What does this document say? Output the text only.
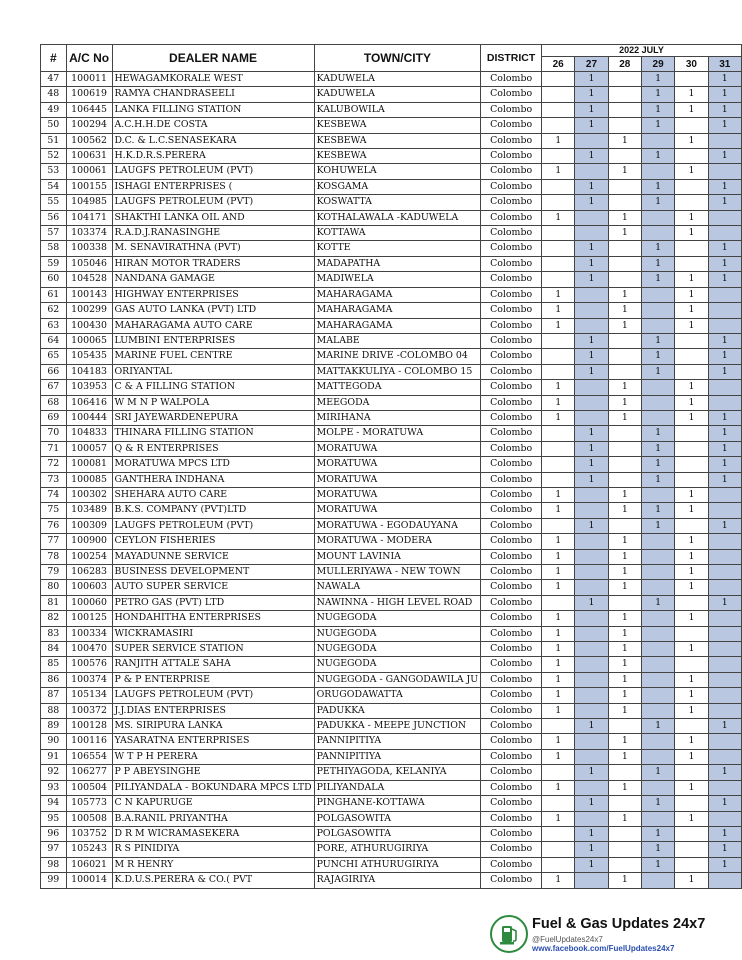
#	A/C No	DEALER NAME	TOWN/CITY	DISTRICT	2022 JULY					
					26	27	28	29	30	31
47	100011	HEWAGAMKORALE WEST	KADUWELA	Colombo		1		1		1
48	100619	RAMYA CHANDRASEELI	KADUWELA	Colombo		1		1	1	1
49	106445	LANKA FILLING STATION	KALUBOWILA	Colombo		1		1	1	1
50	100294	A.C.H.H.DE COSTA	KESBEWA	Colombo		1		1		1
51	100562	D.C. & L.C.SENASEKARA	KESBEWA	Colombo	1		1		1	
52	100631	H.K.D.R.S.PERERA	KESBEWA	Colombo		1		1		1
53	100061	LAUGFS PETROLEUM (PVT)	KOHUWELA	Colombo	1		1		1	
54	100155	ISHAGI ENTERPRISES (	KOSGAMA	Colombo		1		1		1
55	104985	LAUGFS PETROLEUM (PVT)	KOSWATTA	Colombo		1		1		1
56	104171	SHAKTHI LANKA OIL AND	KOTHALAWALA -KADUWELA	Colombo	1		1		1	
57	103374	R.A.D.J.RANASINGHE	KOTTAWA	Colombo			1		1	
58	100338	M. SENAVIRATHNA (PVT)	KOTTE	Colombo		1		1		1
59	105046	HIRAN MOTOR TRADERS	MADAPATHA	Colombo		1		1		1
60	104528	NANDANA GAMAGE	MADIWELA	Colombo		1		1	1	1
61	100143	HIGHWAY ENTERPRISES	MAHARAGAMA	Colombo	1		1		1	
62	100299	GAS AUTO LANKA (PVT) LTD	MAHARAGAMA	Colombo	1		1		1	
63	100430	MAHARAGAMA AUTO CARE	MAHARAGAMA	Colombo	1		1		1	
64	100065	LUMBINI ENTERPRISES	MALABE	Colombo		1		1		1
65	105435	MARINE FUEL CENTRE	MARINE DRIVE -COLOMBO 04	Colombo		1		1		1
66	104183	ORIYANTAL	MATTAKKULIYA - COLOMBO 15	Colombo		1		1		1
67	103953	C & A FILLING STATION	MATTEGODA	Colombo	1		1		1	
68	106416	W M N P WALPOLA	MEEGODA	Colombo	1		1		1	
69	100444	SRI JAYEWARDENEPURA	MIRIHANA	Colombo	1		1		1	1
70	104833	THINARA FILLING STATION	MOLPE - MORATUWA	Colombo		1		1		1
71	100057	Q & R ENTERPRISES	MORATUWA	Colombo		1		1		1
72	100081	MORATUWA MPCS LTD	MORATUWA	Colombo		1		1		1
73	100085	GANTHERA INDHANA	MORATUWA	Colombo		1		1		1
74	100302	SHEHARA AUTO CARE	MORATUWA	Colombo	1		1		1	
75	103489	B.K.S. COMPANY (PVT)LTD	MORATUWA	Colombo	1		1	1	1	
76	100309	LAUGFS PETROLEUM (PVT)	MORATUWA - EGODAUYANA	Colombo		1		1		1
77	100900	CEYLON FISHERIES	MORATUWA - MODERA	Colombo	1		1		1	
78	100254	MAYADUNNE SERVICE	MOUNT LAVINIA	Colombo	1		1		1	
79	106283	BUSINESS DEVELOPMENT	MULLERIYAWA - NEW TOWN	Colombo	1		1		1	
80	100603	AUTO SUPER SERVICE	NAWALA	Colombo	1		1		1	
81	100060	PETRO GAS (PVT) LTD	NAWINNA - HIGH LEVEL ROAD	Colombo		1		1		1
82	100125	HONDAHITHA ENTERPRISES	NUGEGODA	Colombo	1		1		1	
83	100334	WICKRAMASIRI	NUGEGODA	Colombo	1		1			
84	100470	SUPER SERVICE STATION	NUGEGODA	Colombo	1		1		1	
85	100576	RANJITH ATTALE SAHA	NUGEGODA	Colombo	1		1			
86	100374	P & P ENTERPRISE	NUGEGODA - GANGODAWILA JU	Colombo	1		1		1	
87	105134	LAUGFS PETROLEUM (PVT)	ORUGODAWATTA	Colombo	1		1		1	
88	100372	J.J.DIAS ENTERPRISES	PADUKKA	Colombo	1		1		1	
89	100128	MS. SIRIPURA LANKA	PADUKKA - MEEPE JUNCTION	Colombo		1		1		1
90	100116	YASARATNA ENTERPRISES	PANNIPITIYA	Colombo	1		1		1	
91	106554	W T P H PERERA	PANNIPITIYA	Colombo	1		1		1	
92	106277	P P ABEYSINGHE	PETHIYAGODA, KELANIYA	Colombo		1		1		1
93	100504	PILIYANDALA - BOKUNDARA MPCS LTD	PILIYANDALA	Colombo	1		1		1	
94	105773	C N KAPURUGE	PINGHANE-KOTTAWA	Colombo		1		1		1
95	100508	B.A.RANIL PRIYANTHA	POLGASOWITA	Colombo	1		1		1	
96	103752	D R M WICRAMASEKERA	POLGASOWITA	Colombo		1		1		1
97	105243	R S PINIDIYA	PORE, ATHURUGIRIYA	Colombo		1		1		1
98	106021	M R HENRY	PUNCHI ATHURUGIRIYA	Colombo		1		1		1
99	100014	K.D.U.S.PERERA & CO.( PVT	RAJAGIRIYA	Colombo	1		1		1	
Fuel & Gas Updates 24x7
@FuelUpdates24x7
www.facebook.com/FuelUpdates24x7
